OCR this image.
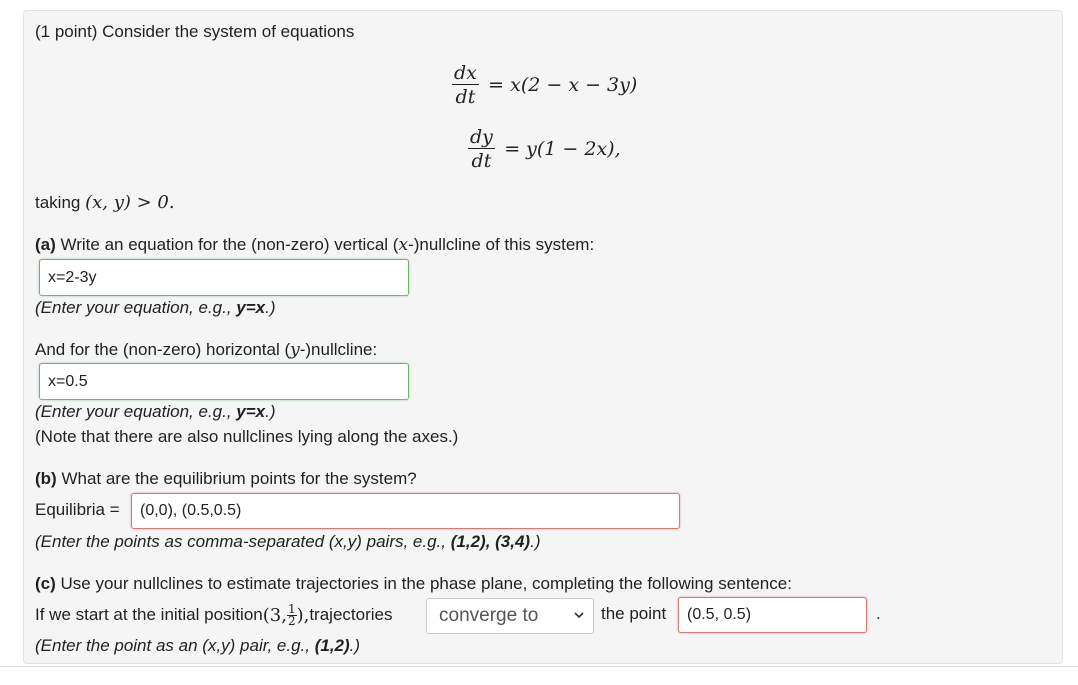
(1 point) Consider the system of equations
$\frac{dx}{dt} = x(2 - x - 3y)$
$\frac{dy}{dt} = y(1 - 2x)$,
taking (x, y) > 0.
(a) Write an equation for the (non-zero) vertical (x-)nullcline of this system:
x=2-3y
(Enter your equation, e.g., y=x.)
And for the (non-zero) horizontal (y-)nullcline:
x=0.5
(Enter your equation, e.g., y=x.)
(Note that there are also nullclines lying along the axes.)
(b) What are the equilibrium points for the system?
Equilibria = (0,0), (0.5,0.5)
(Enter the points as comma-separated (x,y) pairs, e.g., (1,2), (3,4).)
(c) Use your nullclines to estimate trajectories in the phase plane, completing the following sentence:
If we start at the initial position (3, $\frac{1}{2}$ ), trajectories converge to	the point (0.5, 0.5)	.
(Enter the point as an (x,y) pair, e.g., (1,2).)
